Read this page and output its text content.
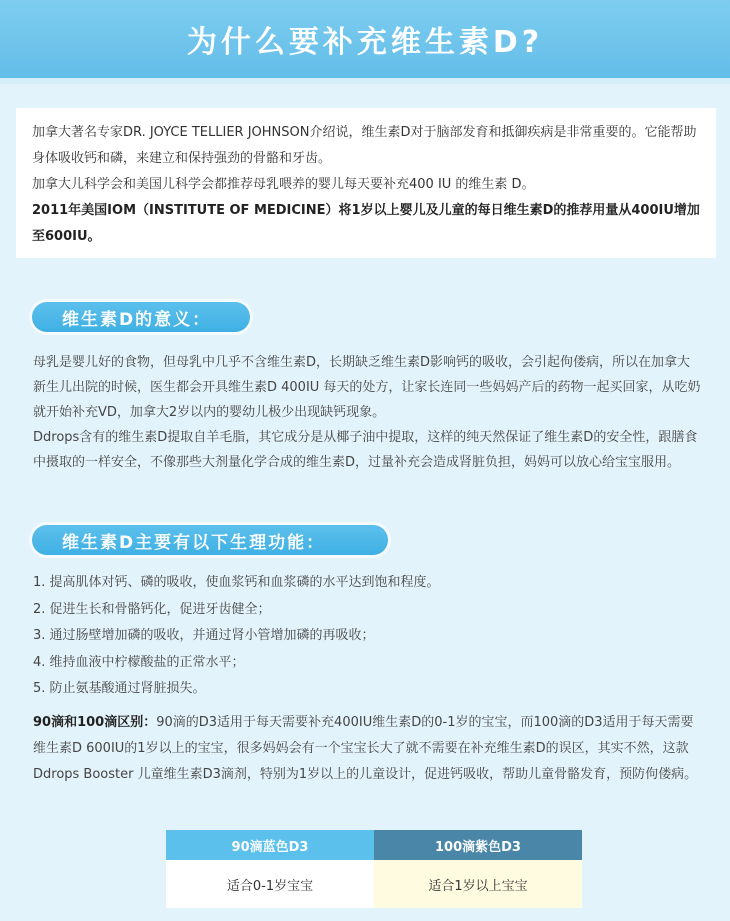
为什么要补充维生素D?

加拿大著名专家DR. JOYCE TELLIER JOHNSON介绍说，维生素D对于脑部发育和抵御疾病是非常重要的。它能帮助身体吸收钙和磷，来建立和保持强劲的骨骼和牙齿。

加拿大儿科学会和美国儿科学会都推荐母乳喂养的婴儿每天要补充400 IU 的维生素 D。

2011年美国IOM（INSTITUTE OF MEDICINE）将1岁以上婴儿及儿童的每日维生素D的推荐用量从400IU增加至600IU。

维生素D的意义：

母乳是婴儿好的食物，但母乳中几乎不含维生素D，长期缺乏维生素D影响钙的吸收，会引起佝偻病，所以在加拿大新生儿出院的时候，医生都会开具维生素D 400IU 每天的处方，让家长连同一些妈妈产后的药物一起买回家，从吃奶就开始补充VD，加拿大2岁以内的婴幼儿极少出现缺钙现象。

Ddrops含有的维生素D提取自羊毛脂，其它成分是从椰子油中提取，这样的纯天然保证了维生素D的安全性，跟膳食中摄取的一样安全，不像那些大剂量化学合成的维生素D，过量补充会造成肾脏负担，妈妈可以放心给宝宝服用。

维生素D主要有以下生理功能：
1. 提高肌体对钙、磷的吸收，使血浆钙和血浆磷的水平达到饱和程度。
2. 促进生长和骨骼钙化，促进牙齿健全；
3. 通过肠壁增加磷的吸收，并通过肾小管增加磷的再吸收；
4. 维持血液中柠檬酸盐的正常水平；
5. 防止氨基酸通过肾脏损失。
90滴和100滴区别：90滴的D3适用于每天需要补充400IU维生素D的0-1岁的宝宝，而100滴的D3适用于每天需要维生素D 600IU的1岁以上的宝宝，很多妈妈会有一个宝宝长大了就不需要在补充维生素D的误区，其实不然，这款Ddrops Booster 儿童维生素D3滴剂，特别为1岁以上的儿童设计，促进钙吸收，帮助儿童骨骼发育，预防佝偻病。
90滴蓝色D3	100滴紫色D3
适合0-1岁宝宝	适合1岁以上宝宝
